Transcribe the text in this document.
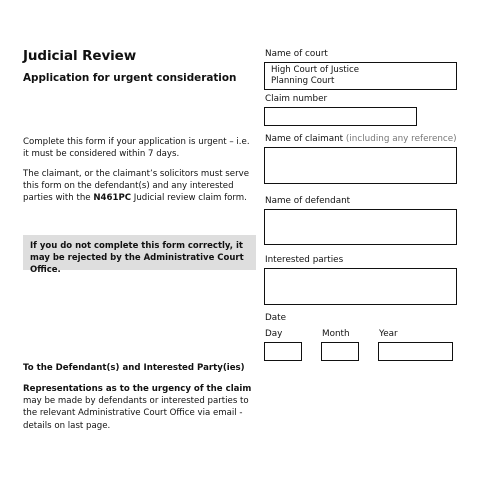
Judicial Review
Application for urgent consideration
Complete this form if your application is urgent – i.e. it must be considered within 7 days.
The claimant, or the claimant’s solicitors must serve this form on the defendant(s) and any interested parties with the N461PC Judicial review claim form.
If you do not complete this form correctly, it may be rejected by the Administrative Court Office.
To the Defendant(s) and Interested Party(ies)
Representations as to the urgency of the claim may be made by defendants or interested parties to the relevant Administrative Court Office via email - details on last page.
Name of court
High Court of Justice
Planning Court
Claim number
Name of claimant (including any reference)
Name of defendant
Interested parties
Date
Day	Month	Year
